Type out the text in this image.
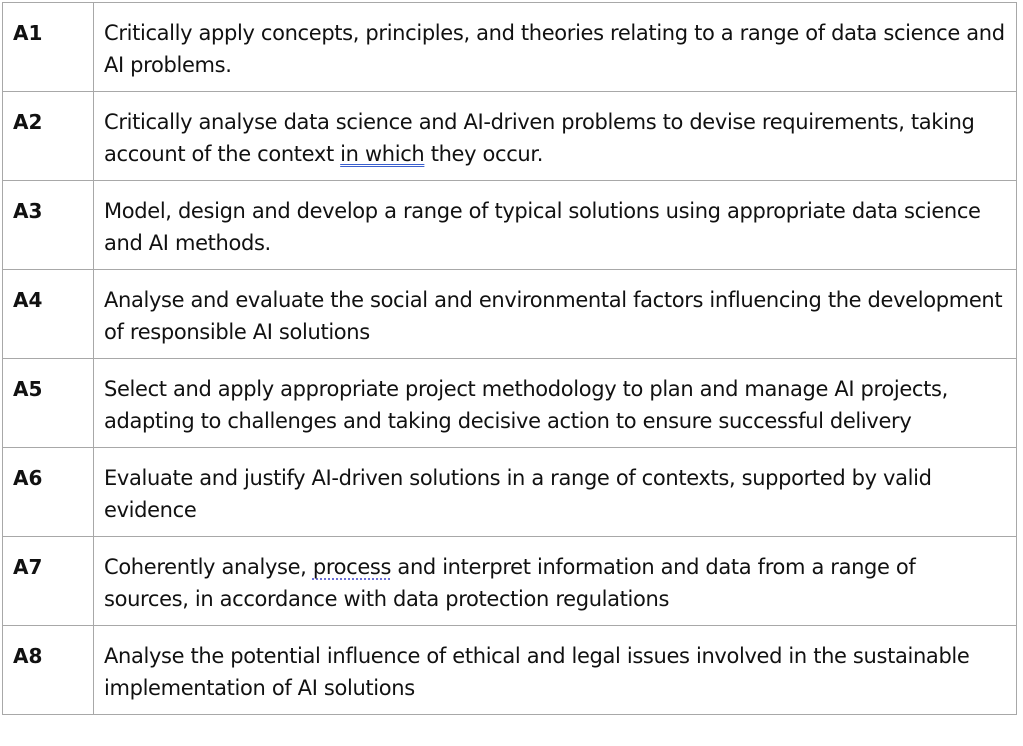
A1	Critically apply concepts, principles, and theories relating to a range of data science and AI problems.
A2	Critically analyse data science and AI-driven problems to devise requirements, taking account of the context in which they occur.
A3	Model, design and develop a range of typical solutions using appropriate data science and AI methods.
A4	Analyse and evaluate the social and environmental factors influencing the development of responsible AI solutions
A5	Select and apply appropriate project methodology to plan and manage AI projects, adapting to challenges and taking decisive action to ensure successful delivery
A6	Evaluate and justify AI-driven solutions in a range of contexts, supported by valid evidence
A7	Coherently analyse, process and interpret information and data from a range of sources, in accordance with data protection regulations
A8	Analyse the potential influence of ethical and legal issues involved in the sustainable implementation of AI solutions
